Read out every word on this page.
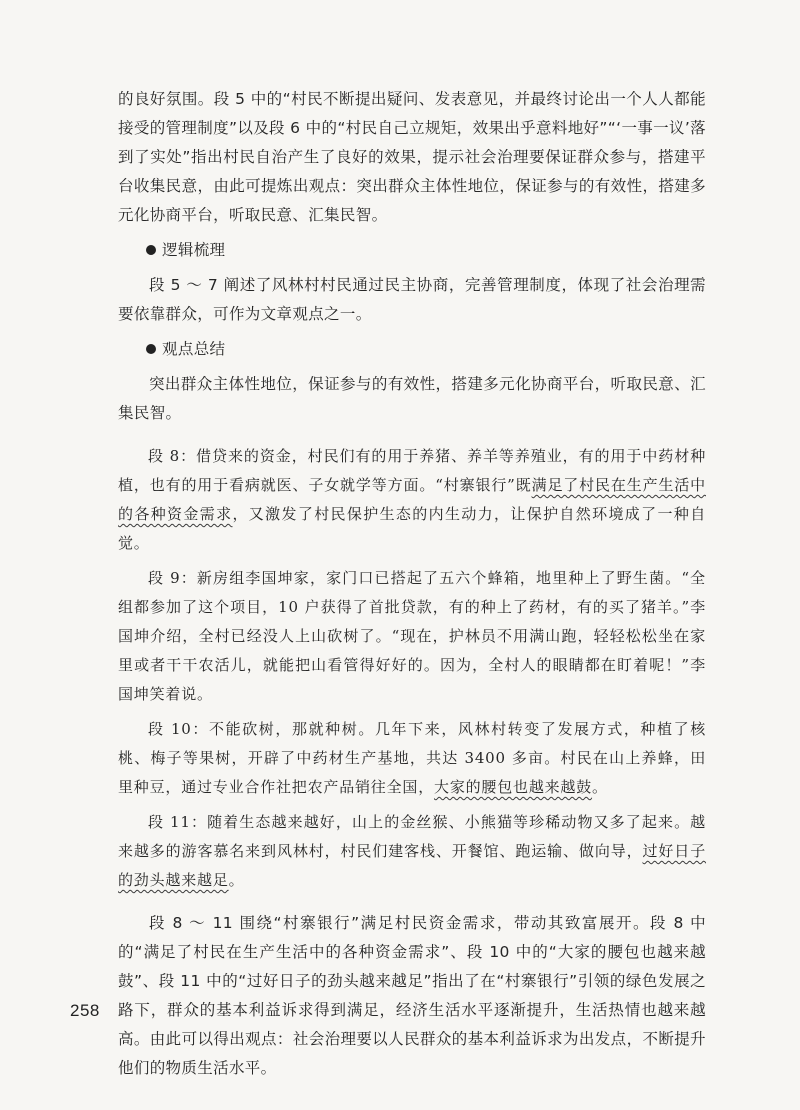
的良好氛围。段 5 中的“村民不断提出疑问、发表意见，并最终讨论出一个人人都能接受的管理制度”以及段 6 中的“村民自己立规矩，效果出乎意料地好”“‘一事一议’落到了实处”指出村民自治产生了良好的效果，提示社会治理要保证群众参与，搭建平台收集民意，由此可提炼出观点：突出群众主体性地位，保证参与的有效性，搭建多元化协商平台，听取民意、汇集民智。

逻辑梳理

段 5 ～ 7 阐述了风林村村民通过民主协商，完善管理制度，体现了社会治理需要依靠群众，可作为文章观点之一。

观点总结

突出群众主体性地位，保证参与的有效性，搭建多元化协商平台，听取民意、汇集民智。

段 8：借贷来的资金，村民们有的用于养猪、养羊等养殖业，有的用于中药材种植，也有的用于看病就医、子女就学等方面。“村寨银行”既满足了村民在生产生活中的各种资金需求，又激发了村民保护生态的内生动力，让保护自然环境成了一种自觉。

段 9：新房组李国坤家，家门口已搭起了五六个蜂箱，地里种上了野生菌。“全组都参加了这个项目，10 户获得了首批贷款，有的种上了药材，有的买了猪羊。”李国坤介绍，全村已经没人上山砍树了。“现在，护林员不用满山跑，轻轻松松坐在家里或者干干农活儿，就能把山看管得好好的。因为，全村人的眼睛都在盯着呢！”李国坤笑着说。

段 10：不能砍树，那就种树。几年下来，风林村转变了发展方式，种植了核桃、梅子等果树，开辟了中药材生产基地，共达 3400 多亩。村民在山上养蜂，田里种豆，通过专业合作社把农产品销往全国，大家的腰包也越来越鼓。

段 11：随着生态越来越好，山上的金丝猴、小熊猫等珍稀动物又多了起来。越来越多的游客慕名来到风林村，村民们建客栈、开餐馆、跑运输、做向导，过好日子的劲头越来越足。

段 8 ～ 11 围绕“村寨银行”满足村民资金需求，带动其致富展开。段 8 中的“满足了村民在生产生活中的各种资金需求”、段 10 中的“大家的腰包也越来越鼓”、段 11 中的“过好日子的劲头越来越足”指出了在“村寨银行”引领的绿色发展之路下，群众的基本利益诉求得到满足，经济生活水平逐渐提升，生活热情也越来越高。由此可以得出观点：社会治理要以人民群众的基本利益诉求为出发点，不断提升他们的物质生活水平。

258
